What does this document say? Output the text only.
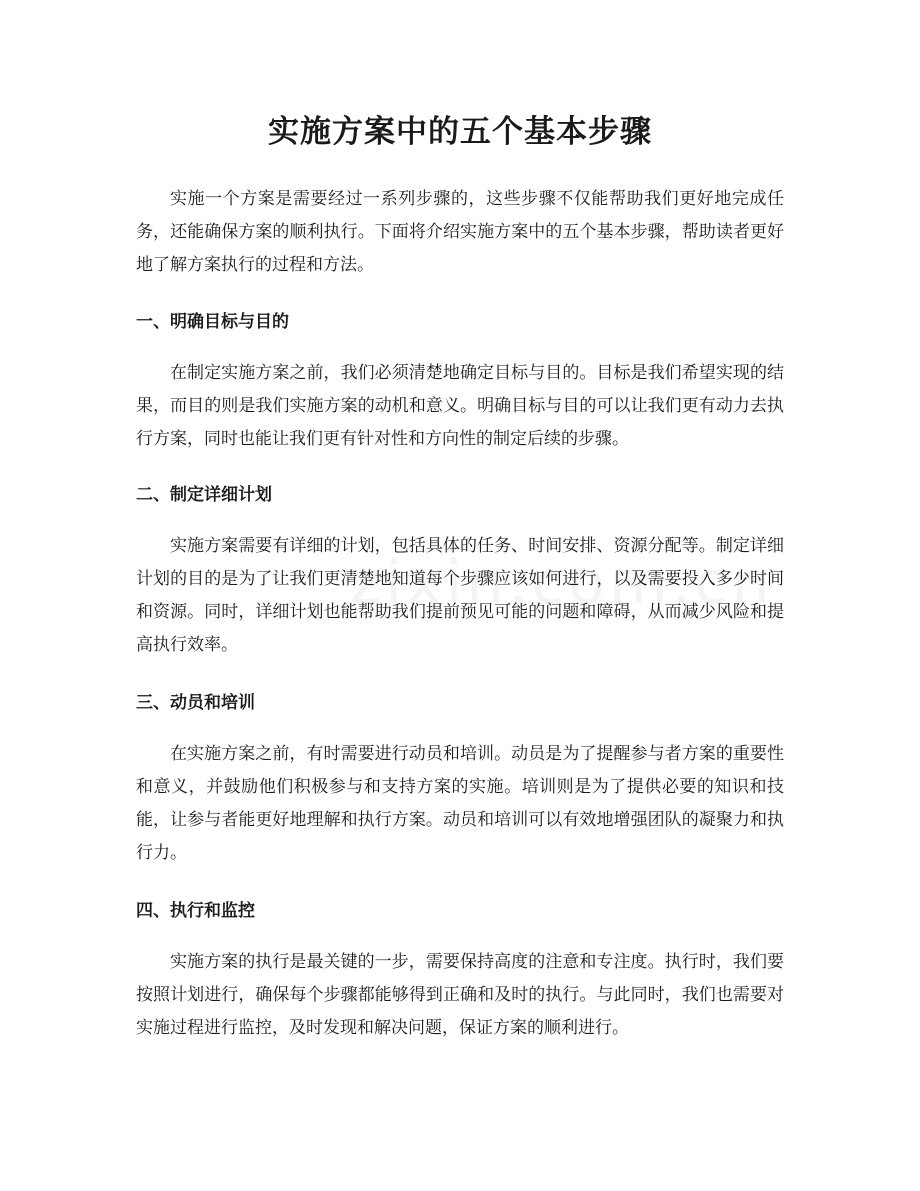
实施方案中的五个基本步骤

实施一个方案是需要经过一系列步骤的，这些步骤不仅能帮助我们更好地完成任务，还能确保方案的顺利执行。下面将介绍实施方案中的五个基本步骤，帮助读者更好地了解方案执行的过程和方法。

一、明确目标与目的

在制定实施方案之前，我们必须清楚地确定目标与目的。目标是我们希望实现的结果，而目的则是我们实施方案的动机和意义。明确目标与目的可以让我们更有动力去执行方案，同时也能让我们更有针对性和方向性的制定后续的步骤。

二、制定详细计划

实施方案需要有详细的计划，包括具体的任务、时间安排、资源分配等。制定详细计划的目的是为了让我们更清楚地知道每个步骤应该如何进行，以及需要投入多少时间和资源。同时，详细计划也能帮助我们提前预见可能的问题和障碍，从而减少风险和提高执行效率。

三、动员和培训

在实施方案之前，有时需要进行动员和培训。动员是为了提醒参与者方案的重要性和意义，并鼓励他们积极参与和支持方案的实施。培训则是为了提供必要的知识和技能，让参与者能更好地理解和执行方案。动员和培训可以有效地增强团队的凝聚力和执行力。

四、执行和监控

实施方案的执行是最关键的一步，需要保持高度的注意和专注度。执行时，我们要按照计划进行，确保每个步骤都能够得到正确和及时的执行。与此同时，我们也需要对实施过程进行监控，及时发现和解决问题，保证方案的顺利进行。
